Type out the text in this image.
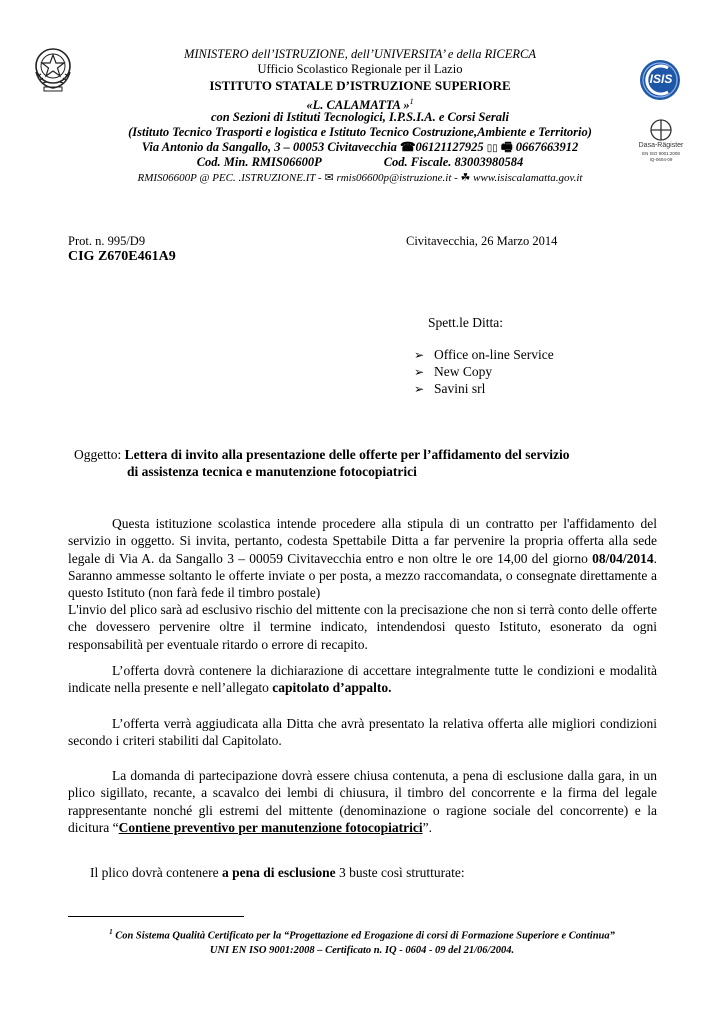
ISIS
Dasa-Rägister
EN ISO 9001:2008
IQ-0604-09
MINISTERO dell’ISTRUZIONE, dell’UNIVERSITA’ e della RICERCA
Ufficio Scolastico Regionale per il Lazio
ISTITUTO STATALE D’ISTRUZIONE SUPERIORE
«L. CALAMATTA »$^1$
con Sezioni di Istituti Tecnologici, I.P.S.I.A. e Corsi Serali
(Istituto Tecnico Trasporti e logistica e Istituto Tecnico Costruzione,Ambiente e Territorio)
Via Antonio da Sangallo, 3 – 00053 Civitavecchia ☎06121127925 ▯▯ 🖷 0667663912
Cod. Min. RMIS06600P	Cod. Fiscale. 83003980584
RMIS06600P @ PEC. .ISTRUZIONE.IT - ✉ rmis06600p@istruzione.it - ☘ www.isiscalamatta.gov.it
Prot. n. 995/D9	Civitavecchia, 26 Marzo 2014
CIG Z670E461A9
Spett.le Ditta:
➢ Office on-line Service
➢ New Copy
➢ Savini srl
Oggetto: Lettera di invito alla presentazione delle offerte per l’affidamento del servizio
di assistenza tecnica e manutenzione fotocopiatrici
Questa istituzione scolastica intende procedere alla stipula di un contratto per l'affidamento del servizio in oggetto. Si invita, pertanto, codesta Spettabile Ditta a far pervenire la propria offerta alla sede legale di Via A. da Sangallo 3 – 00059 Civitavecchia entro e non oltre le ore 14,00 del giorno 08/04/2014. Saranno ammesse soltanto le offerte inviate o per posta, a mezzo raccomandata, o consegnate direttamente a questo Istituto (non farà fede il timbro postale)
L'invio del plico sarà ad esclusivo rischio del mittente con la precisazione che non si terrà conto delle offerte che dovessero pervenire oltre il termine indicato, intendendosi questo Istituto, esonerato da ogni responsabilità per eventuale ritardo o errore di recapito.
L’offerta dovrà contenere la dichiarazione di accettare integralmente tutte le condizioni e modalità indicate nella presente e nell’allegato capitolato d’appalto.
L’offerta verrà aggiudicata alla Ditta che avrà presentato la relativa offerta alle migliori condizioni secondo i criteri stabiliti dal Capitolato.
La domanda di partecipazione dovrà essere chiusa contenuta, a pena di esclusione dalla gara, in un plico sigillato, recante, a scavalco dei lembi di chiusura, il timbro del concorrente e la firma del legale rappresentante nonché gli estremi del mittente (denominazione o ragione sociale del concorrente) e la dicitura “Contiene preventivo per manutenzione fotocopiatrici”.
Il plico dovrà contenere a pena di esclusione 3 buste così strutturate:
$^1$ Con Sistema Qualità Certificato per la “Progettazione ed Erogazione di corsi di Formazione Superiore e Continua”
UNI EN ISO 9001:2008 – Certificato n. IQ - 0604 - 09 del 21/06/2004.
